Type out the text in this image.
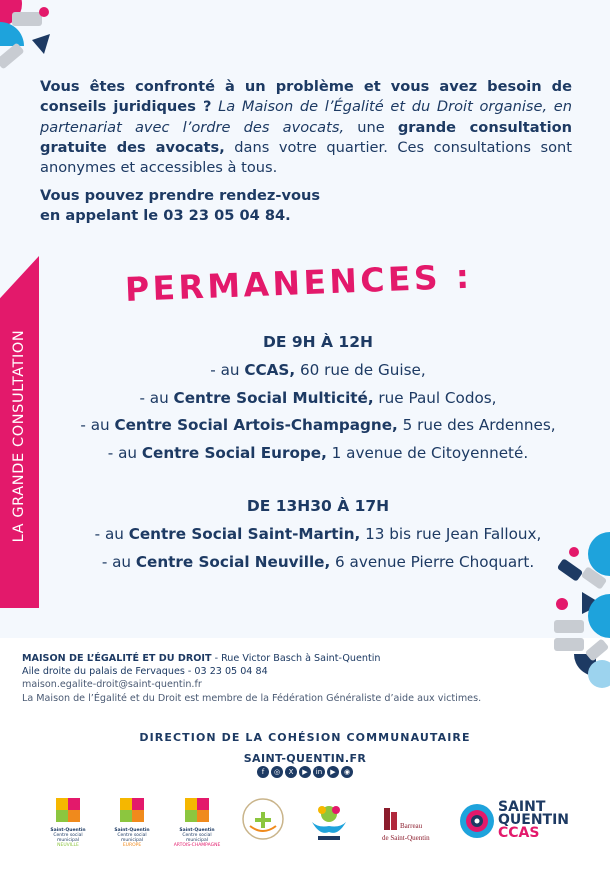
Vous êtes confronté à un problème et vous avez besoin de conseils juridiques ? La Maison de l’Égalité et du Droit organise, en partenariat avec l’ordre des avocats, une grande consultation gratuite des avocats, dans votre quartier. Ces consultations sont anonymes et accessibles à tous.

Vous pouvez prendre rendez-vous
en appelant le 03 23 05 04 84.

LA GRANDE CONSULTATION
PERMANENCES :
DE 9H À 12H
- au CCAS, 60 rue de Guise,
- au Centre Social Multicité, rue Paul Codos,
- au Centre Social Artois-Champagne, 5 rue des Ardennes,
- au Centre Social Europe, 1 avenue de Citoyenneté.
DE 13H30 À 17H
- au Centre Social Saint-Martin, 13 bis rue Jean Falloux,
- au Centre Social Neuville, 6 avenue Pierre Choquart.
MAISON DE L’ÉGALITÉ ET DU DROIT - Rue Victor Basch à Saint-Quentin
Aile droite du palais de Fervaques - 03 23 05 04 84
maison.egalite-droit@saint-quentin.fr
La Maison de l’Égalité et du Droit est membre de la Fédération Généraliste d’aide aux victimes.
DIRECTION DE LA COHÉSION COMMUNAUTAIRE
SAINT-QUENTIN.FR
f	◎	X	▶	in	▶	◉
Saint-Quentin
Centre social municipal
NEUVILLE
Saint-Quentin
Centre social municipal
EUROPE
Saint-Quentin
Centre social municipal
ARTOIS-CHAMPAGNE
Barreau
de Saint-Quentin
SAINT
QUENTIN
CCAS
